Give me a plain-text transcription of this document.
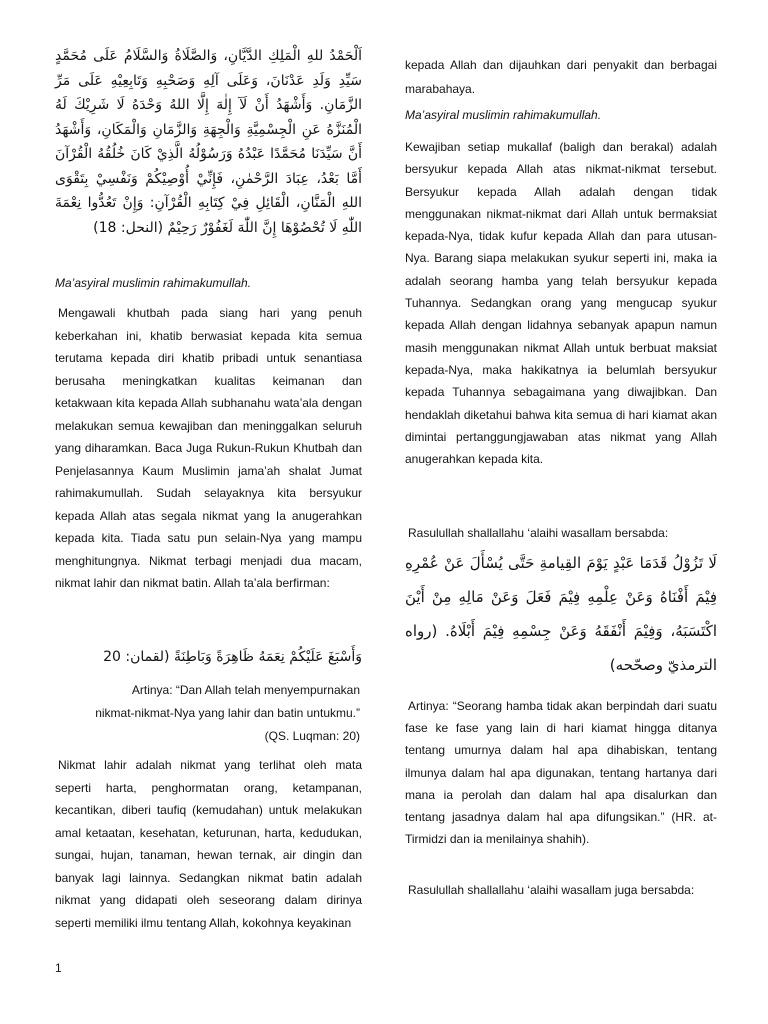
اَلْحَمْدُ للهِ الْمَلِكِ الدَّيَّانِ، وَالصَّلَاةُ وَالسَّلَامُ عَلَى مُحَمَّدٍ سَيِّدِ وَلَدِ عَدْنَانَ، وَعَلَى آلِهِ وَصَحْبِهِ وَتَابِعِيْهِ عَلَى مَرِّ الزَّمَانِ. وَأَشْهَدُ أَنْ لَآ إِلٰهَ إِلَّا اللهُ وَحْدَهُ لَا شَرِيْكَ لَهُ الْمُنَزَّهُ عَنِ الْجِسْمِيَّةِ وَالْجِهَةِ وَالزَّمَانِ وَالْمَكَانِ، وَأَشْهَدُ أَنَّ سَيِّدَنَا مُحَمَّدًا عَبْدُهُ وَرَسُوْلُهُ الَّذِيْ كَانَ خُلُقُهُ الْقُرْآنَ أَمَّا بَعْدُ، عِبَادَ الرَّحْمٰنِ، فَإِنِّيْ أُوْصِيْكُمْ وَنَفْسِيْ بِتَقْوَى اللهِ الْمَنَّانِ، الْقَائِلِ فِيْ كِتَابِهِ الْقُرْآنِ: وَإِنْ تَعُدُّوا نِعْمَةَ اللّٰهِ لَا تُحْصُوْهَا إِنَّ اللّٰهَ لَغَفُوْرٌ رَحِيْمٌ (النحل: 18)

Ma’asyiral muslimin rahimakumullah.

Mengawali khutbah pada siang hari yang penuh keberkahan ini, khatib berwasiat kepada kita semua terutama kepada diri khatib pribadi untuk senantiasa berusaha meningkatkan kualitas keimanan dan ketakwaan kita kepada Allah subhanahu wata’ala dengan melakukan semua kewajiban dan meninggalkan seluruh yang diharamkan. Baca Juga Rukun-Rukun Khutbah dan Penjelasannya Kaum Muslimin jama’ah shalat Jumat rahimakumullah. Sudah selayaknya kita bersyukur kepada Allah atas segala nikmat yang Ia anugerahkan kepada kita. Tiada satu pun selain-Nya yang mampu menghitungnya. Nikmat terbagi menjadi dua macam, nikmat lahir dan nikmat batin. Allah ta’ala berfirman:

وَأَسْبَغَ عَلَيْكُمْ نِعَمَهُ ظَاهِرَةً وَبَاطِنَةً (لقمان: 20

Artinya: “Dan Allah telah menyempurnakan nikmat-nikmat-Nya yang lahir dan batin untukmu.” (QS. Luqman: 20)

Nikmat lahir adalah nikmat yang terlihat oleh mata seperti harta, penghormatan orang, ketampanan, kecantikan, diberi taufiq (kemudahan) untuk melakukan amal ketaatan, kesehatan, keturunan, harta, kedudukan, sungai, hujan, tanaman, hewan ternak, air dingin dan banyak lagi lainnya. Sedangkan nikmat batin adalah nikmat yang didapati oleh seseorang dalam dirinya seperti memiliki ilmu tentang Allah, kokohnya keyakinan

1

kepada Allah dan dijauhkan dari penyakit dan berbagai marabahaya.

Ma’asyiral muslimin rahimakumullah.

Kewajiban setiap mukallaf (baligh dan berakal) adalah bersyukur kepada Allah atas nikmat-nikmat tersebut. Bersyukur kepada Allah adalah dengan tidak menggunakan nikmat-nikmat dari Allah untuk bermaksiat kepada-Nya, tidak kufur kepada Allah dan para utusan-Nya. Barang siapa melakukan syukur seperti ini, maka ia adalah seorang hamba yang telah bersyukur kepada Tuhannya. Sedangkan orang yang mengucap syukur kepada Allah dengan lidahnya sebanyak apapun namun masih menggunakan nikmat Allah untuk berbuat maksiat kepada-Nya, maka hakikatnya ia belumlah bersyukur kepada Tuhannya sebagaimana yang diwajibkan. Dan hendaklah diketahui bahwa kita semua di hari kiamat akan dimintai pertanggungjawaban atas nikmat yang Allah anugerahkan kepada kita.

Rasulullah shallallahu ‘alaihi wasallam bersabda:

لَا تَزُوْلُ قَدَمَا عَبْدٍ يَوْمَ القِيامةِ حَتَّى يُسْأَلَ عَنْ عُمْرِهِ فِيْمَ أَفْنَاهُ وَعَنْ عِلْمِهِ فِيْمَ فَعَلَ وَعَنْ مَالِهِ مِنْ أَيْنَ اكْتَسَبَهُ، وَفِيْمَ أَنْفَقَهُ وَعَنْ جِسْمِهِ فِيْمَ أَبْلَاهُ. (رواه الترمذيّ وصحّحه)

Artinya: “Seorang hamba tidak akan berpindah dari suatu fase ke fase yang lain di hari kiamat hingga ditanya tentang umurnya dalam hal apa dihabiskan, tentang ilmunya dalam hal apa digunakan, tentang hartanya dari mana ia perolah dan dalam hal apa disalurkan dan tentang jasadnya dalam hal apa difungsikan.” (HR. at-Tirmidzi dan ia menilainya shahih).

Rasulullah shallallahu ‘alaihi wasallam juga bersabda:
